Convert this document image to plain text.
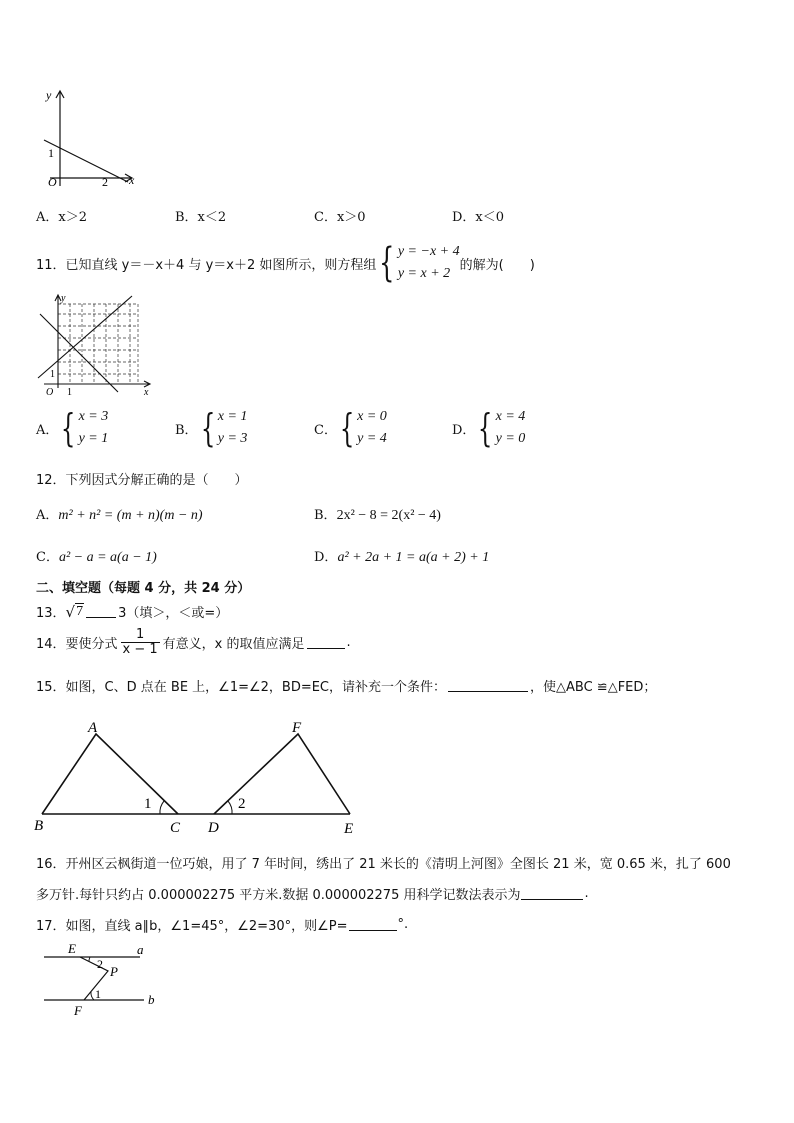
y
x
O
1
2
A．x＞2	B．x＜2	C．x＞0	D．x＜0
11．已知直线 y＝－x＋4 与 y＝x＋2 如图所示，则方程组 { y = −x + 4
y = x + 2
的解为(　　)
y
x
O 1
1
A． { x = 3
y = 1
B． { x = 1
y = 3
C． { x = 0
y = 4
D． { x = 4
y = 0
12．下列因式分解正确的是（　　）
A．m² + n² = (m + n)(m − n)	B．2x² − 8 = 2(x² − 4)
C．a² − a = a(a − 1)	D．a² + 2a + 1 = a(a + 2) + 1
二、填空题（每题 4 分，共 24 分）
13． √ 7	3（填＞，＜或=）
14．要使分式 $\frac{1}{x - 1}$ 有意义，x 的取值应满足	.
15．如图，C、D 点在 BE 上，∠1=∠2，BD=EC，请补充一个条件：	，使△ABC ≌△FED；
A
B	C D	E
F
1	2
16．开州区云枫街道一位巧娘，用了 7 年时间，绣出了 21 米长的《清明上河图》全图长 21 米，宽 0.65 米，扎了 600
多万针.每针只约占 0.000002275 平方米.数据 0.000002275 用科学记数法表示为	.
17．如图，直线 a∥b，∠1=45°，∠2=30°，则∠P=	°.
E	a
2 P
1	b
F
